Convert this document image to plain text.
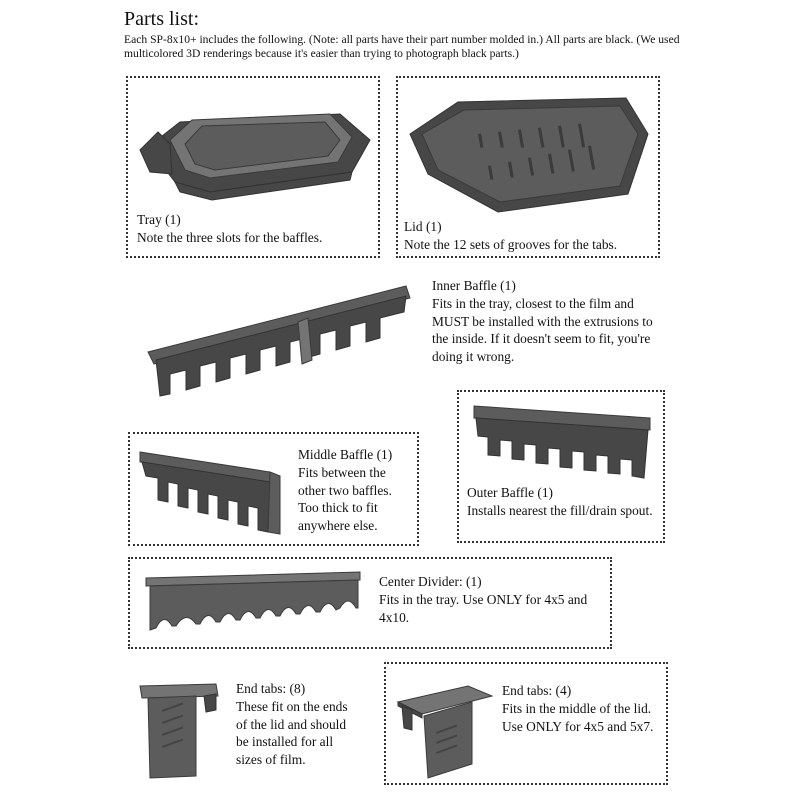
Parts list:
Each SP-8x10+ includes the following. (Note: all parts have their part number molded in.) All parts are black. (We used multicolored 3D renderings because it's easier than trying to photograph black parts.)
Tray (1)
Note the three slots for the baffles.
Lid (1)
Note the 12 sets of grooves for the tabs.
Inner Baffle (1)
Fits in the tray, closest to the film and MUST be installed with the extrusions to the inside. If it doesn't seem to fit, you're doing it wrong.
Outer Baffle (1)
Installs nearest the fill/drain spout.
Middle Baffle (1)
Fits between the other two baffles. Too thick to fit anywhere else.
Center Divider: (1)
Fits in the tray. Use ONLY for 4x5 and 4x10.
End tabs: (8)
These fit on the ends of the lid and should be installed for all sizes of film.
End tabs: (4)
Fits in the middle of the lid. Use ONLY for 4x5 and 5x7.
